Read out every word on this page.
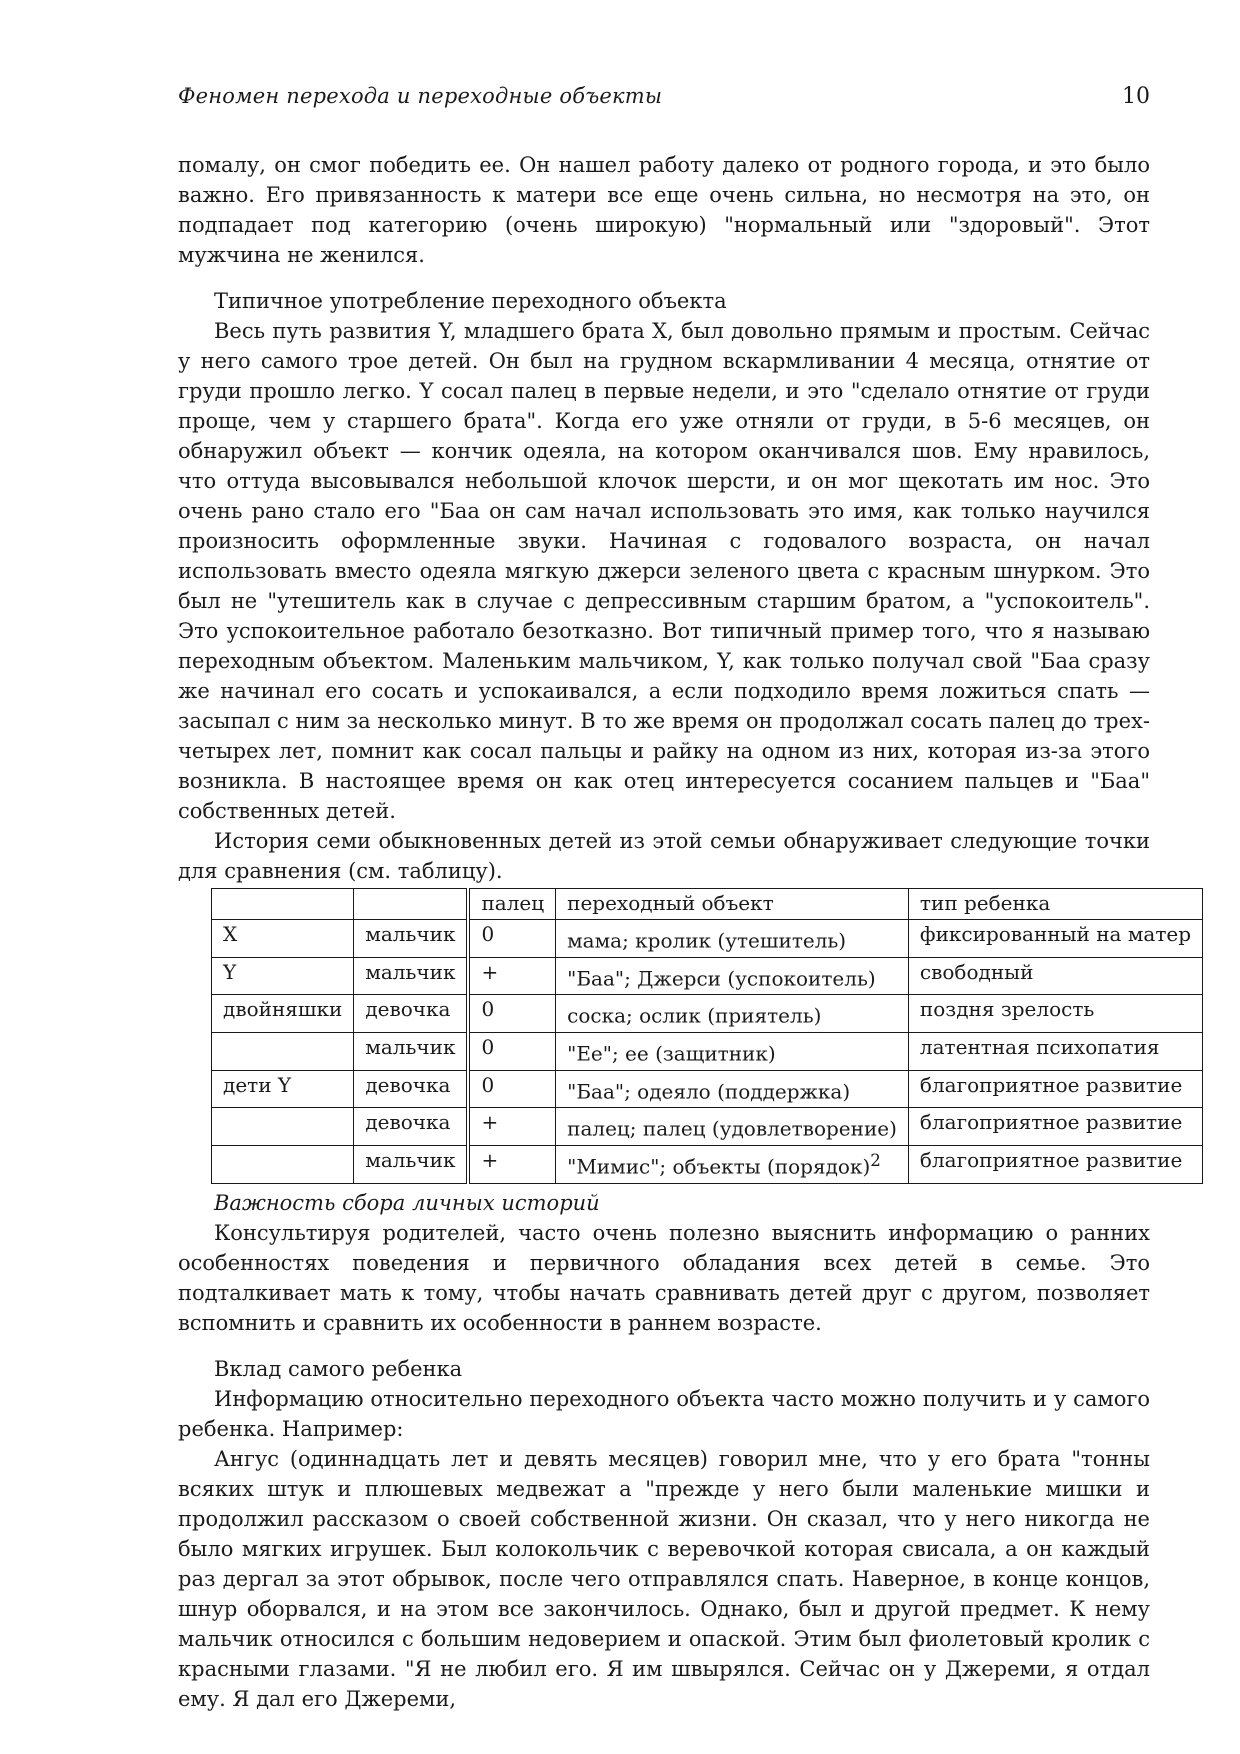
Феномен перехода и переходные объекты	10

помалу, он смог победить ее. Он нашел работу далеко от родного города, и это было важно. Его привязанность к матери все еще очень сильна, но несмотря на это, он подпадает под категорию (очень широкую) "нормальный или "здоровый". Этот мужчина не женился.

Типичное употребление переходного объекта

Весь путь развития Y, младшего брата X, был довольно прямым и простым. Сейчас у него самого трое детей. Он был на грудном вскармливании 4 месяца, отнятие от груди прошло легко. Y сосал палец в первые недели, и это "сделало отнятие от груди проще, чем у старшего брата". Когда его уже отняли от груди, в 5-6 месяцев, он обнаружил объект — кончик одеяла, на котором оканчивался шов. Ему нравилось, что оттуда высовывался небольшой клочок шерсти, и он мог щекотать им нос. Это очень рано стало его "Баа он сам начал использовать это имя, как только научился произносить оформленные звуки. Начиная с годовалого возраста, он начал использовать вместо одеяла мягкую джерси зеленого цвета с красным шнурком. Это был не "утешитель как в случае с депрессивным старшим братом, а "успокоитель". Это успокоительное работало безотказно. Вот типичный пример того, что я называю переходным объектом. Маленьким мальчиком, Y, как только получал свой "Баа сразу же начинал его сосать и успокаивался, а если подходило время ложиться спать — засыпал с ним за несколько минут. В то же время он продолжал сосать палец до трех-четырех лет, помнит как сосал пальцы и райку на одном из них, которая из-за этого возникла. В настоящее время он как отец интересуется сосанием пальцев и "Баа" собственных детей.

История семи обыкновенных детей из этой семьи обнаруживает следующие точки для сравнения (см. таблицу).

		палец	переходный объект	тип ребенка
X	мальчик	0	мама; кролик (утешитель)	фиксированный на матер
Y	мальчик	+	"Баа"; Джерси (успокоитель)	свободный
двойняшки	девочка	0	соска; ослик (приятель)	поздня зрелость
	мальчик	0	"Ее"; ее (защитник)	латентная психопатия
дети Y	девочка	0	"Баа"; одеяло (поддержка)	благоприятное развитие
	девочка	+	палец; палец (удовлетворение)	благоприятное развитие
	мальчик	+	"Мимис"; объекты (порядок)$^2$	благоприятное развитие

Важность сбора личных историй

Консультируя родителей, часто очень полезно выяснить информацию о ранних особенностях поведения и первичного обладания всех детей в семье. Это подталкивает мать к тому, чтобы начать сравнивать детей друг с другом, позволяет вспомнить и сравнить их особенности в раннем возрасте.

Вклад самого ребенка

Информацию относительно переходного объекта часто можно получить и у самого ребенка. Например:

Ангус (одиннадцать лет и девять месяцев) говорил мне, что у его брата "тонны всяких штук и плюшевых медвежат а "прежде у него были маленькие мишки и продолжил рассказом о своей собственной жизни. Он сказал, что у него никогда не было мягких игрушек. Был колокольчик с веревочкой которая свисала, а он каждый раз дергал за этот обрывок, после чего отправлялся спать. Наверное, в конце концов, шнур оборвался, и на этом все закончилось. Однако, был и другой предмет. К нему мальчик относился с большим недоверием и опаской. Этим был фиолетовый кролик с красными глазами. "Я не любил его. Я им швырялся. Сейчас он у Джереми, я отдал ему. Я дал его Джереми,
